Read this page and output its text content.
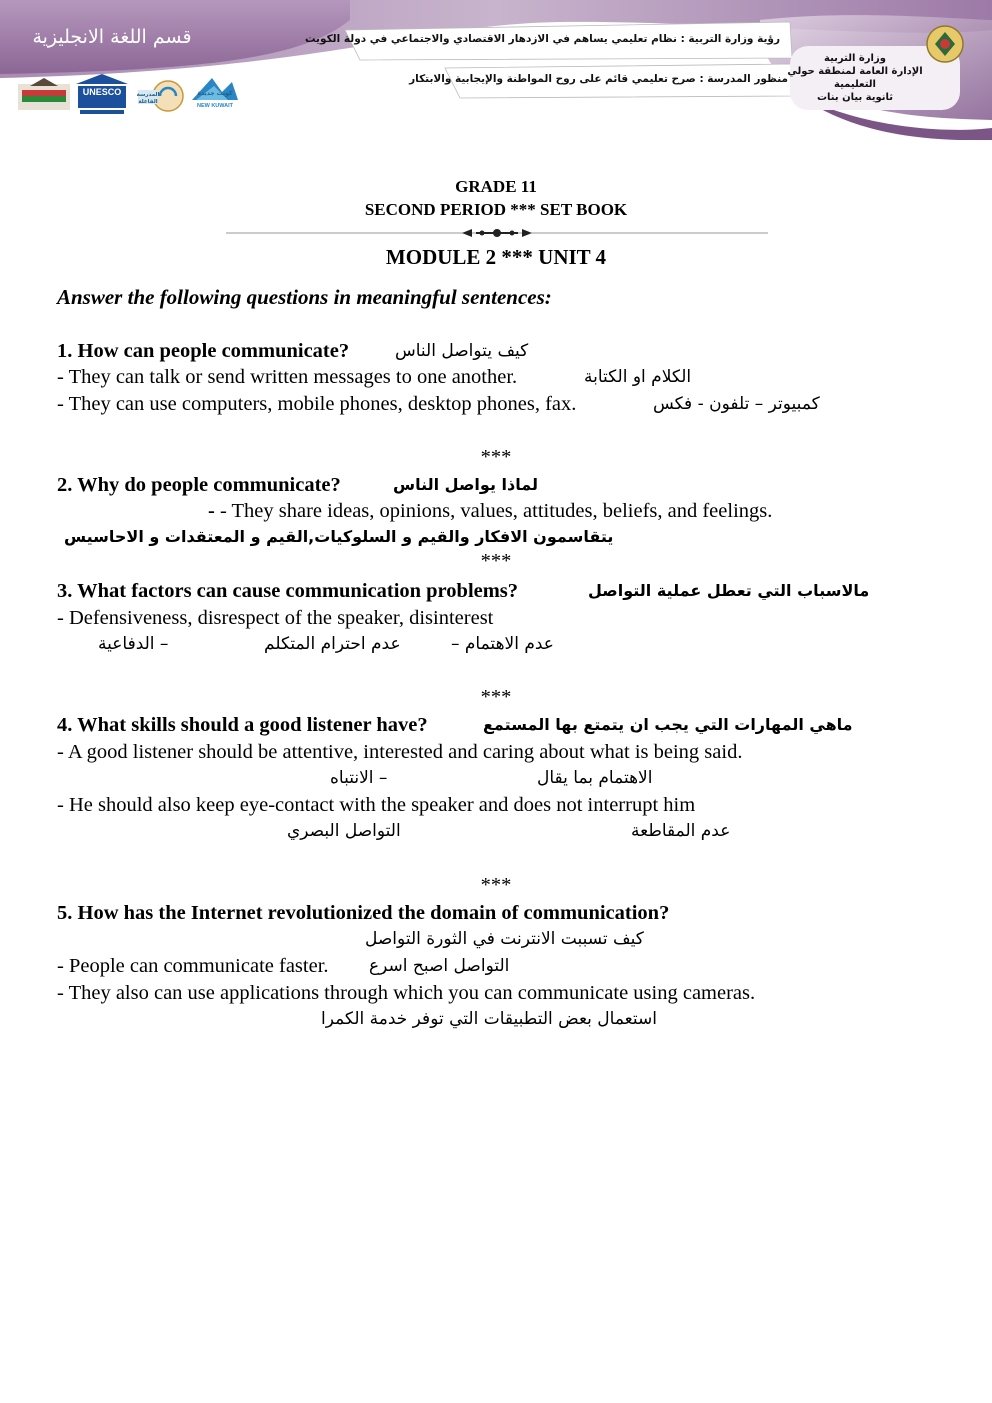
قسم اللغة الانجليزية	رؤية وزارة التربية : نظام تعليمي يساهم في الازدهار الاقتصادي والاجتماعي في دولة الكويت
منظور المدرسة : صرح تعليمي قائم على روح المواطنة والإيجابية والابتكار
وزارة التربية
الإدارة العامة لمنطقة حولي التعليمية
ثانوية بيان بنات
UNESCO
NEW KUWAIT
كويت جديدة
المدرسة الفاعلة
GRADE 11
SECOND PERIOD *** SET BOOK
MODULE 2 *** UNIT 4
Answer the following questions in meaningful sentences:
1. How can people communicate?	كيف يتواصل الناس
- They can talk or send written messages to one another.	الكلام او الكتابة
- They can use computers, mobile phones, desktop phones, fax.	كمبيوتر – تلفون - فكس
***
2. Why do people communicate?	لماذا يواصل الناس
- - They share ideas, opinions, values, attitudes, beliefs, and feelings.
يتقاسمون الافكار والقيم و السلوكيات,القيم و المعتقدات و الاحاسيس
***
3. What factors can cause communication problems?	مالاسباب التي تعطل عملية التواصل
- Defensiveness, disrespect of the speaker, disinterest
عدم الاهتمام –
عدم احترام المتكلم
– الدفاعية
***
4. What skills should a good listener have?	ماهي المهارات التي يجب ان يتمتع بها المستمع
- A good listener should be attentive, interested and caring about what is being said.
الاهتمام بما يقال
– الانتباه
- He should also keep eye-contact with the speaker and does not interrupt him
عدم المقاطعة
التواصل البصري
***
5. How has the Internet revolutionized the domain of communication?
كيف تسببت الانترنت في الثورة التواصل
- People can communicate faster. التواصل اصبح اسرع
- They also can use applications through which you can communicate using cameras.
استعمال بعض التطبيقات التي توفر خدمة الكمرا
